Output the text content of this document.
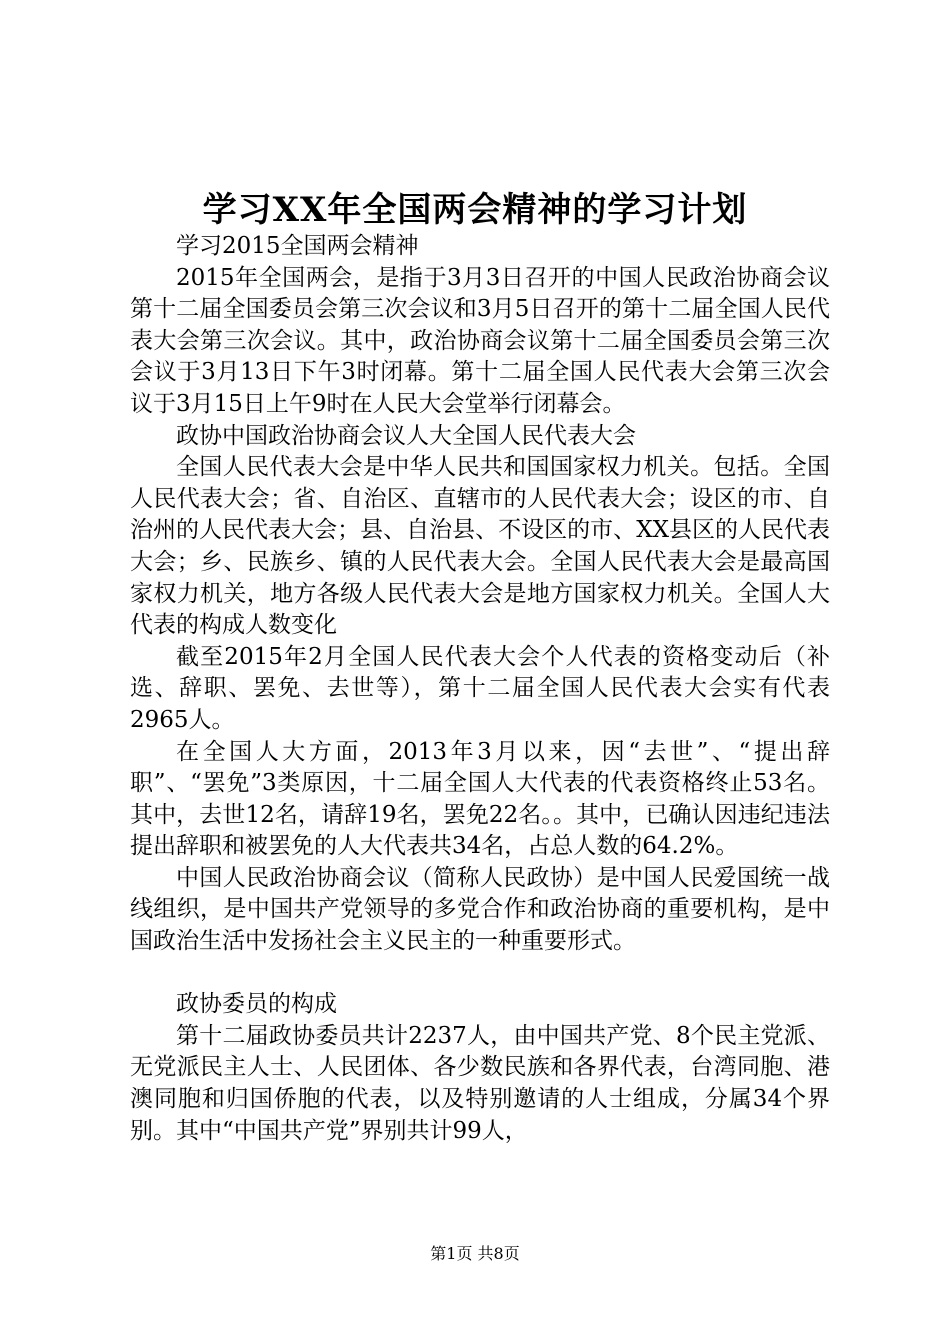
学习XX年全国两会精神的学习计划

学习2015全国两会精神

2015年全国两会，是指于3月3日召开的中国人民政治协商会议第十二届全国委员会第三次会议和3月5日召开的第十二届全国人民代表大会第三次会议。其中，政治协商会议第十二届全国委员会第三次会议于3月13日下午3时闭幕。第十二届全国人民代表大会第三次会议于3月15日上午9时在人民大会堂举行闭幕会。

政协中国政治协商会议人大全国人民代表大会

全国人民代表大会是中华人民共和国国家权力机关。包括。全国人民代表大会；省、自治区、直辖市的人民代表大会；设区的市、自治州的人民代表大会；县、自治县、不设区的市、XX县区的人民代表大会；乡、民族乡、镇的人民代表大会。全国人民代表大会是最高国家权力机关，地方各级人民代表大会是地方国家权力机关。全国人大代表的构成人数变化

截至2015年2月全国人民代表大会个人代表的资格变动后（补选、辞职、罢免、去世等），第十二届全国人民代表大会实有代表2965人。

在全国人大方面，2013年3月以来，因“去世”、“提出辞职”、“罢免”3类原因，十二届全国人大代表的代表资格终止53名。其中，去世12名，请辞19名，罢免22名。。其中，已确认因违纪违法提出辞职和被罢免的人大代表共34名，占总人数的64.2%。

中国人民政治协商会议（简称人民政协）是中国人民爱国统一战线组织，是中国共产党领导的多党合作和政治协商的重要机构，是中国政治生活中发扬社会主义民主的一种重要形式。

政协委员的构成

第十二届政协委员共计2237人，由中国共产党、8个民主党派、无党派民主人士、人民团体、各少数民族和各界代表，台湾同胞、港澳同胞和归国侨胞的代表，以及特别邀请的人士组成，分属34个界别。其中“中国共产党”界别共计99人，

第1页 共8页
